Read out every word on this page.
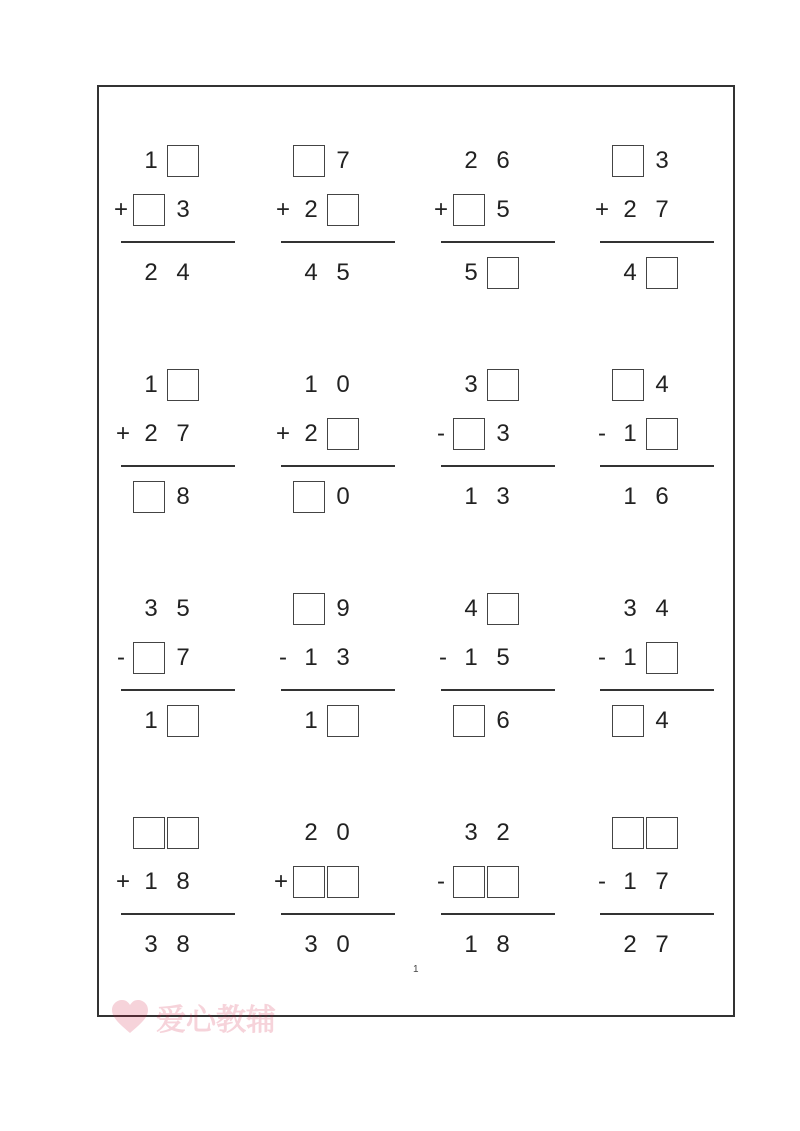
1
+	3
2 4
7
+ 2
4 5
2 6
+	5
5
3
+ 2 7
4
1
+ 2 7
8
1 0
+ 2
0
3
-	3
1 3
4
- 1
1 6
3 5
-	7
1
9
- 1 3
1
4
- 1 5
6
3 4
- 1
4
+ 1 8
3 8
2 0
+
3 0
3 2
-
1 8
- 1 7
2 7
1
爱心教辅
